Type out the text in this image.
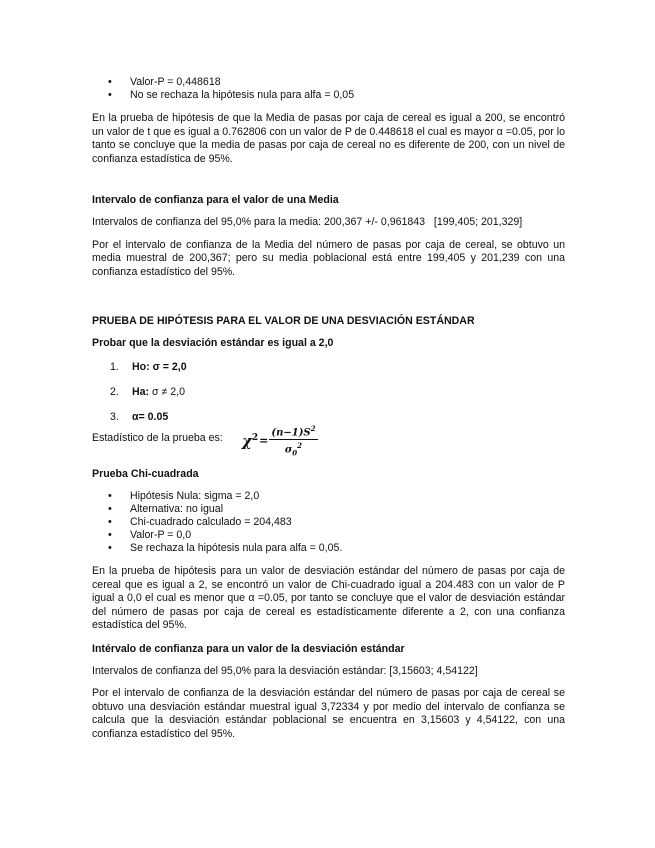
• Valor-P = 0,448618
• No se rechaza la hipótesis nula para alfa = 0,05

En la prueba de hipótesis de que la Media de pasas por caja de cereal es igual a 200, se encontró un valor de t que es igual a 0.762806 con un valor de P de 0.448618 el cual es mayor α =0.05, por lo tanto se concluye que la media de pasas por caja de cereal no es diferente de 200, con un nivel de confianza estadística de 95%.

Intervalo de confianza para el valor de una Media

Intervalos de confianza del 95,0% para la media: 200,367 +/- 0,961843   [199,405; 201,329]

Por el intervalo de confianza de la Media del número de pasas por caja de cereal, se obtuvo un media muestral de 200,367; pero su media poblacional está entre 199,405 y 201,239 con una confianza estadístico del 95%.

PRUEBA DE HIPÓTESIS PARA EL VALOR DE UNA DESVIACIÓN ESTÁNDAR
Probar que la desviación estándar es igual a 2,0
1. Ho: σ = 2,0
2. Ha: σ ≠ 2,0
3. α= 0.05
Estadístico de la prueba es: $\chi^2 = \frac{(n-1)S^2}{\sigma_0^2}$
Prueba Chi-cuadrada
• Hipótesis Nula: sigma = 2,0
• Alternativa: no igual
• Chi-cuadrado calculado = 204,483
• Valor-P = 0,0
• Se rechaza la hipótesis nula para alfa = 0,05.

En la prueba de hipótesis para un valor de desviación estándar del número de pasas por caja de cereal que es igual a 2, se encontró un valor de Chi-cuadrado igual a 204.483 con un valor de P igual a 0,0 el cual es menor que α =0.05, por tanto se concluye que el valor de desviación estándar del número de pasas por caja de cereal es estadísticamente diferente a 2, con una confianza estadística del 95%.

Intérvalo de confianza para un valor de la desviación estándar

Intervalos de confianza del 95,0% para la desviación estándar: [3,15603; 4,54122]

Por el intervalo de confianza de la desviación estándar del número de pasas por caja de cereal se obtuvo una desviación estándar muestral igual 3,72334 y por medio del intervalo de confianza se calcula que la desviación estándar poblacional se encuentra en 3,15603 y 4,54122, con una confianza estadístico del 95%.
